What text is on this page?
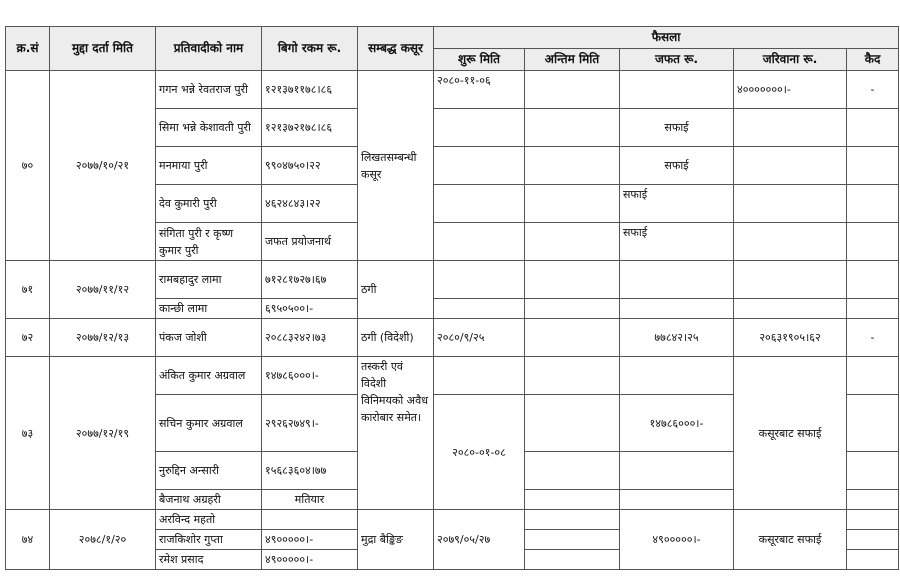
क्र.सं	मुद्दा दर्ता मिति	प्रतिवादीको नाम	बिगो रकम रू.	सम्बद्ध कसूर	फैसला				
					शुरू मिति	अन्तिम मिति	जफत रू.	जरिवाना रू.	कैद
७०	२०७७/१०/२१	गगन भन्ने रेवतराज पुरी	१२१३७११७८।८६	लिखतसम्बन्धी कसूर	२०८०-११-०६			४०००००००।-	-
		सिमा भन्ने केशावती पुरी	१२१३७२१७८।८६				सफाई		
		मनमाया पुरी	९९०४७५०।२२				सफाई		
		देव कुमारी पुरी	४६२४८४३।२२				सफाई		
		संगिता पुरी र कृष्ण कुमार पुरी	जफत प्रयोजनार्थ				सफाई		
७१	२०७७/११/१२	रामबहादुर लामा	७१२८१७२७।६७	ठगी					
		कान्छी लामा	६९५०५००।-						
७२	२०७७/१२/१३	पंकज जोशी	२०८८३२४२।७३	ठगी (विदेशी)	२०८०/९/२५		७७८४२।२५	२०६३१९०५।६२	-
७३	२०७७/१२/१९	अंकित कुमार अग्रवाल	१४७८६०००।-	तस्करी एवं विदेशी विनिमयको अवैध कारोबार समेत।				कसूरबाट सफाई	
		सचिन कुमार अग्रवाल	२९२६२७४९।-		२०८०-०१-०८		१४७८६०००।-		
		नुरुद्दिन अन्सारी	१५६८३६०४।७७						
		बैजनाथ अग्रहरी	मतियार						
७४	२०७८/१/२०	अरविन्द महतो		मुद्रा बैङ्किङ	२०७९/०५/२७		४९०००००।-	कसूरबाट सफाई	
		राजकिशोर गुप्ता	४९०००००।-						
		रमेश प्रसाद	४९०००००।-						
